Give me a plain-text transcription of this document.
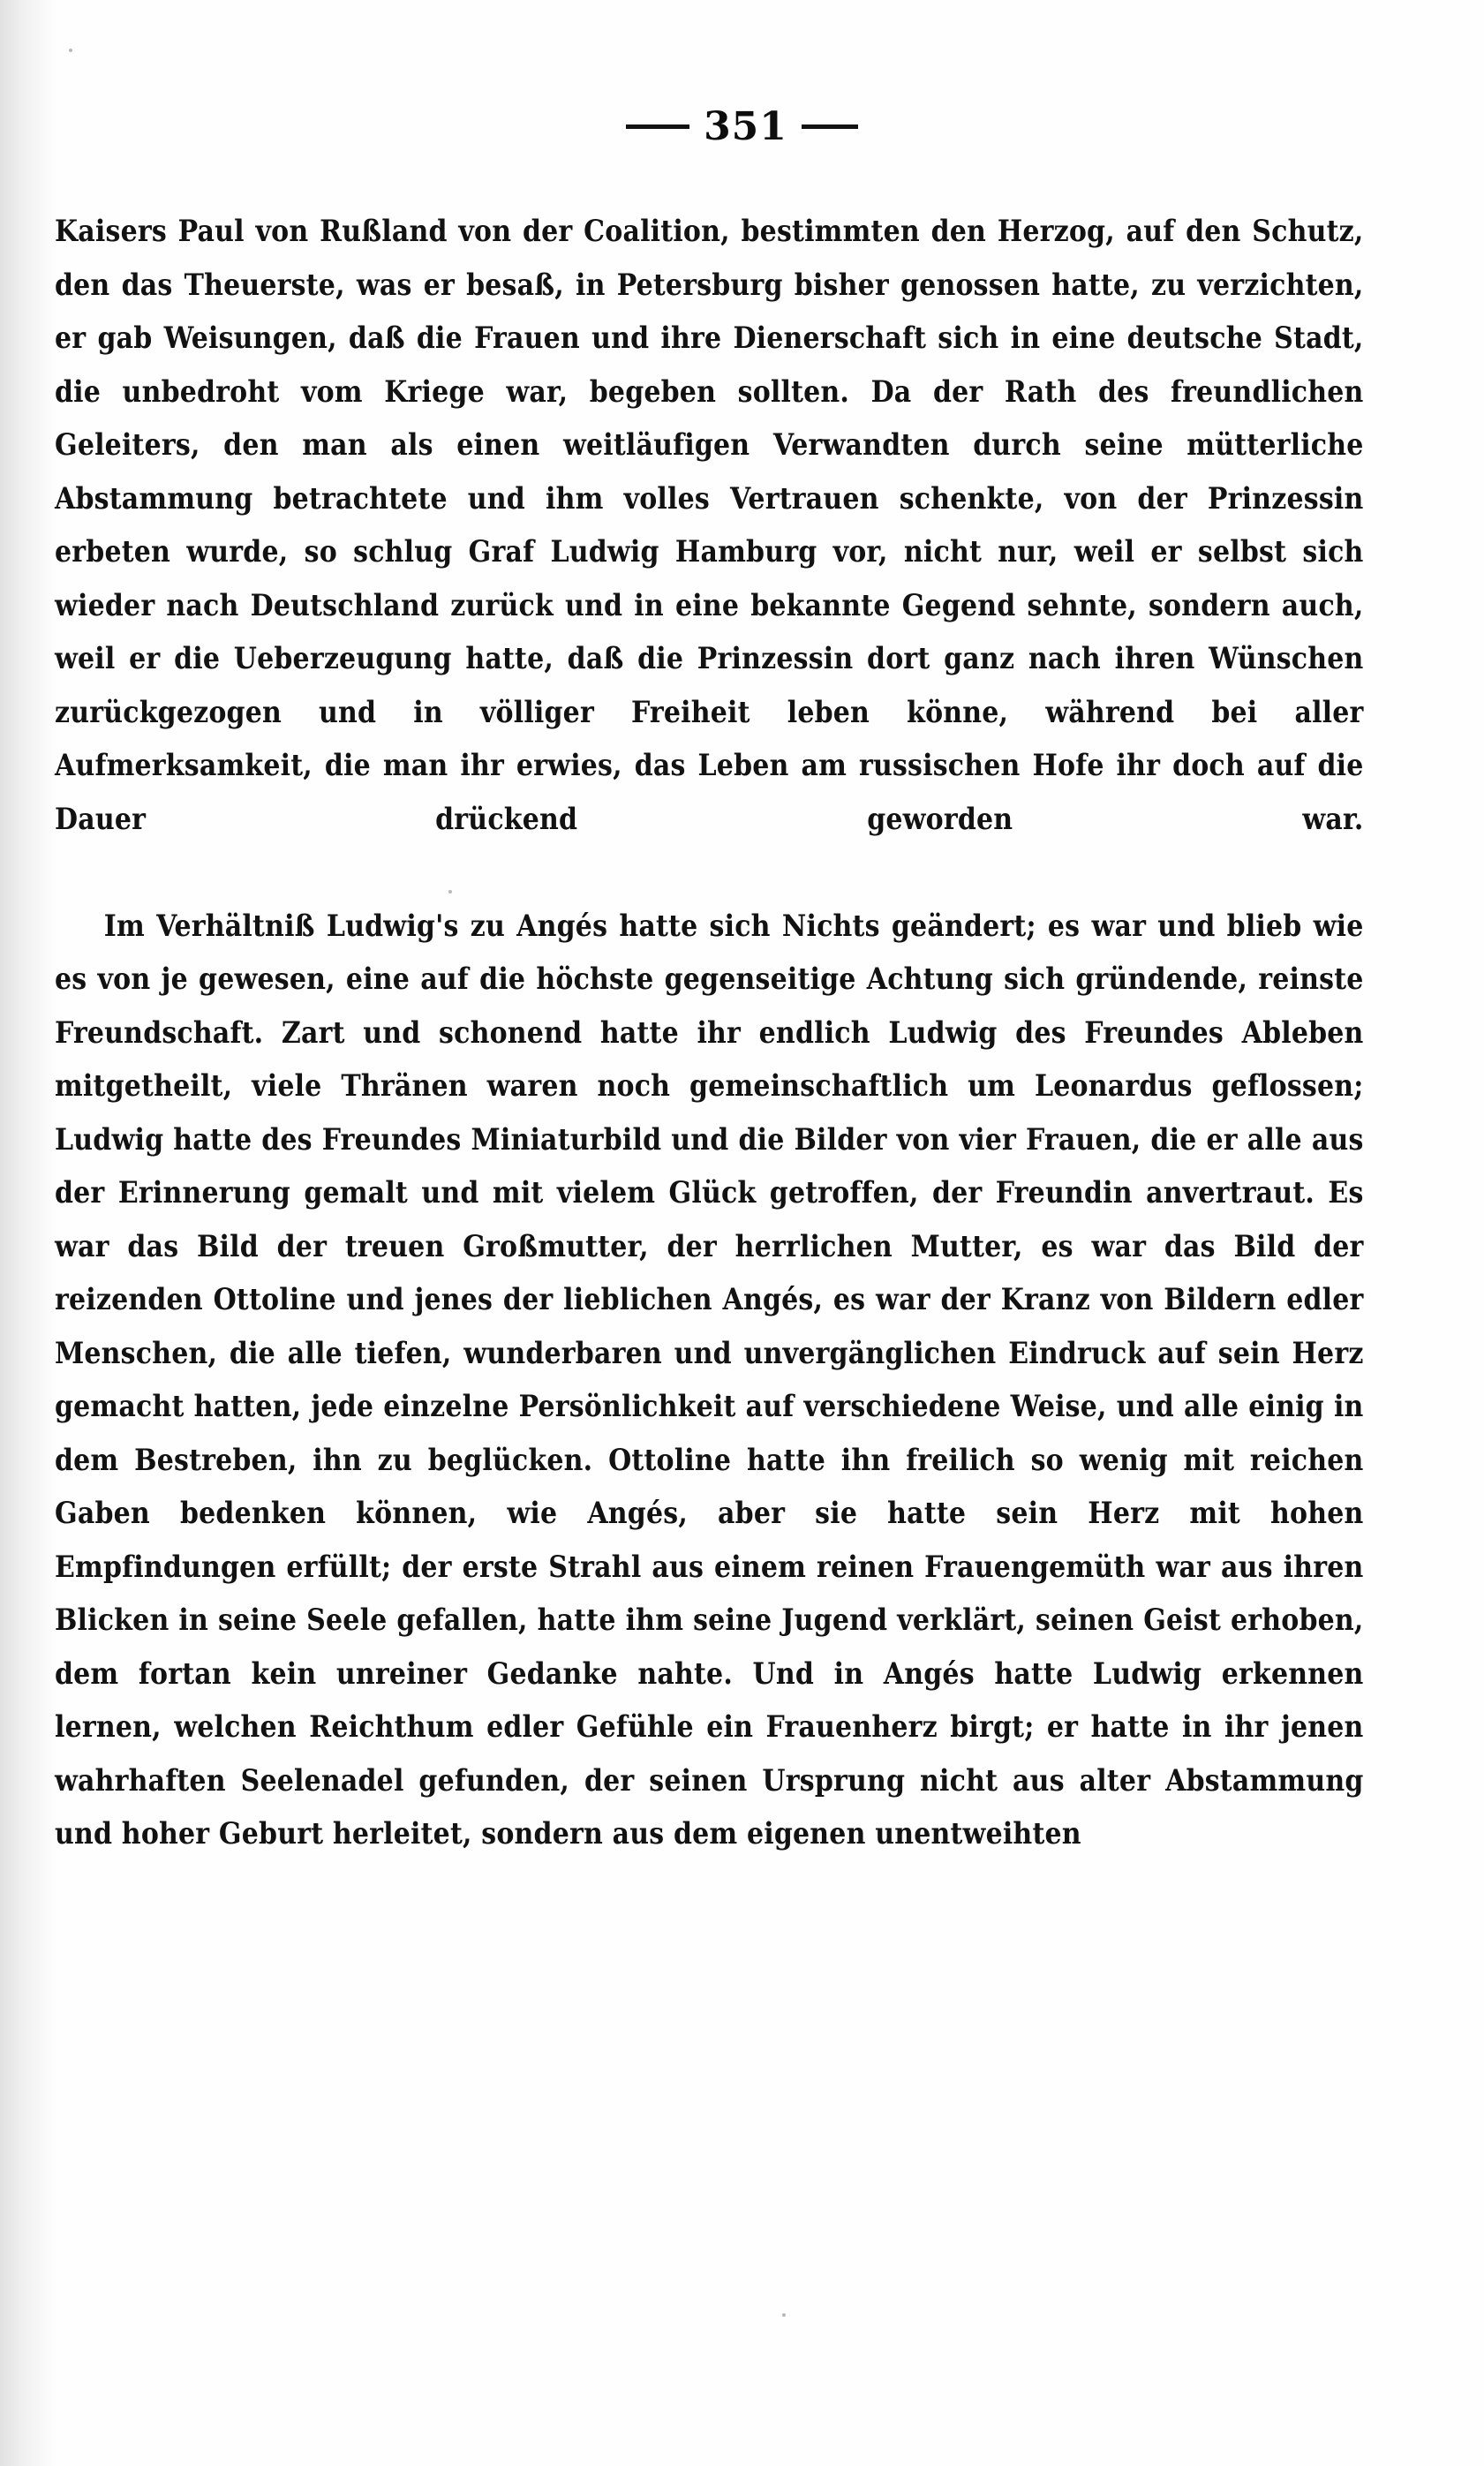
351

Kaisers Paul von Rußland von der Coalition, bestimmten den Herzog, auf den Schutz, den das Theuerste, was er besaß, in Petersburg bisher genossen hatte, zu verzichten, er gab Weisungen, daß die Frauen und ihre Dienerschaft sich in eine deutsche Stadt, die unbedroht vom Kriege war, begeben sollten. Da der Rath des freundlichen Geleiters, den man als einen weitläufigen Verwandten durch seine mütterliche Abstammung betrachtete und ihm volles Vertrauen schenkte, von der Prinzessin erbeten wurde, so schlug Graf Ludwig Hamburg vor, nicht nur, weil er selbst sich wieder nach Deutschland zurück und in eine bekannte Gegend sehnte, sondern auch, weil er die Ueberzeugung hatte, daß die Prinzessin dort ganz nach ihren Wünschen zurückgezogen und in völliger Freiheit leben könne, während bei aller Aufmerksamkeit, die man ihr erwies, das Leben am russischen Hofe ihr doch auf die Dauer drückend geworden war.

Im Verhältniß Ludwig's zu Angés hatte sich Nichts geändert; es war und blieb wie es von je gewesen, eine auf die höchste gegenseitige Achtung sich gründende, reinste Freundschaft. Zart und schonend hatte ihr endlich Ludwig des Freundes Ableben mitgetheilt, viele Thränen waren noch gemeinschaftlich um Leonardus geflossen; Ludwig hatte des Freundes Miniaturbild und die Bilder von vier Frauen, die er alle aus der Erinnerung gemalt und mit vielem Glück getroffen, der Freundin anvertraut. Es war das Bild der treuen Großmutter, der herrlichen Mutter, es war das Bild der reizenden Ottoline und jenes der lieblichen Angés, es war der Kranz von Bildern edler Menschen, die alle tiefen, wunderbaren und unvergänglichen Eindruck auf sein Herz gemacht hatten, jede einzelne Persönlichkeit auf verschiedene Weise, und alle einig in dem Bestreben, ihn zu beglücken. Ottoline hatte ihn freilich so wenig mit reichen Gaben bedenken können, wie Angés, aber sie hatte sein Herz mit hohen Empfindungen erfüllt; der erste Strahl aus einem reinen Frauengemüth war aus ihren Blicken in seine Seele gefallen, hatte ihm seine Jugend verklärt, seinen Geist erhoben, dem fortan kein unreiner Gedanke nahte. Und in Angés hatte Ludwig erkennen lernen, welchen Reichthum edler Gefühle ein Frauenherz birgt; er hatte in ihr jenen wahrhaften Seelenadel gefunden, der seinen Ursprung nicht aus alter Abstammung und hoher Geburt herleitet, sondern aus dem eigenen unentweihten
